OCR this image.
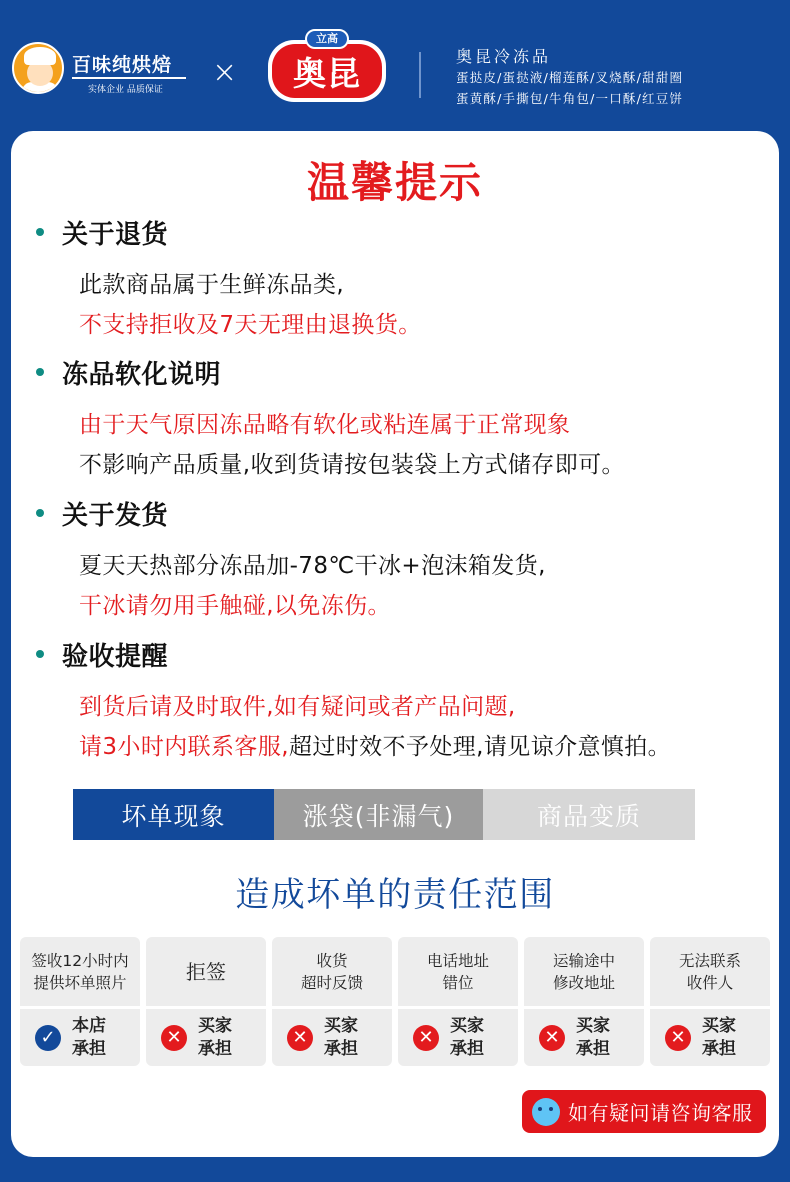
百味纯烘焙
实体企业 品质保证 × 奥昆
立高
奥昆冷冻品
蛋挞皮/蛋挞液/榴莲酥/叉烧酥/甜甜圈
蛋黄酥/手撕包/牛角包/一口酥/红豆饼
温馨提示
关于退货
此款商品属于生鲜冻品类,
不支持拒收及7天无理由退换货。
冻品软化说明
由于天气原因冻品略有软化或粘连属于正常现象
不影响产品质量,收到货请按包装袋上方式储存即可。
关于发货
夏天天热部分冻品加-78℃干冰+泡沫箱发货,
干冰请勿用手触碰,以免冻伤。
验收提醒
到货后请及时取件,如有疑问或者产品问题,
请3小时内联系客服,超过时效不予处理,请见谅介意慎拍。
坏单现象	涨袋(非漏气)	商品变质
造成坏单的责任范围
签收12小时内
提供坏单照片
✓
本店
承担
拒签
✕
买家
承担
收货
超时反馈
✕
买家
承担
电话地址
错位
✕
买家
承担
运输途中
修改地址
✕
买家
承担
无法联系
收件人
✕
买家
承担
如有疑问请咨询客服
